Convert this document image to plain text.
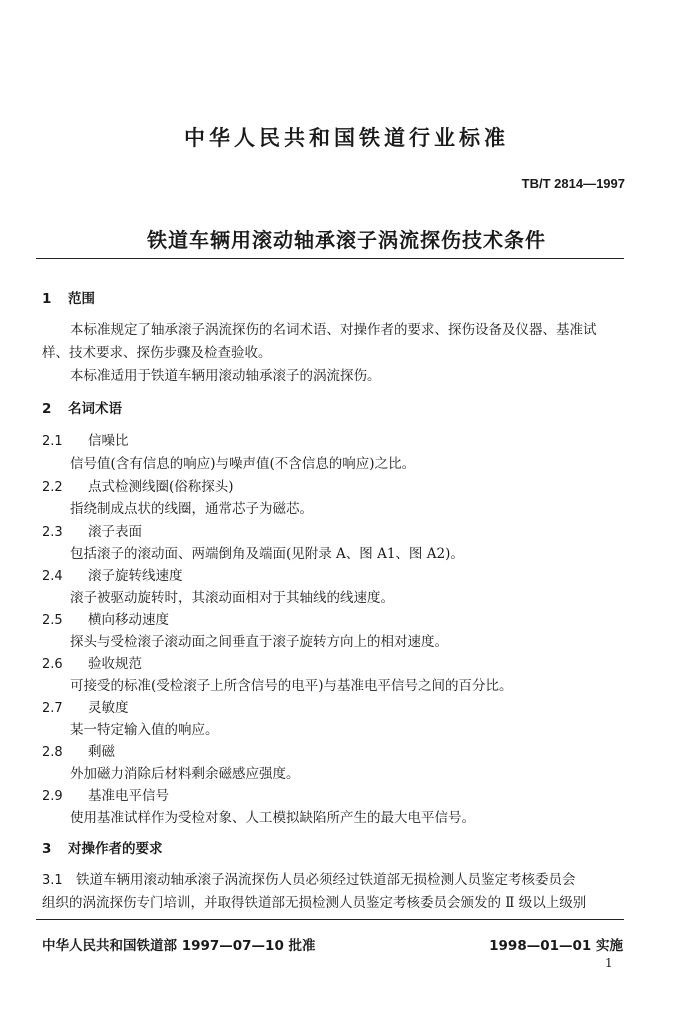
中华人民共和国铁道行业标准
TB/T 2814—1997
铁道车辆用滚动轴承滚子涡流探伤技术条件
1 范围
本标准规定了轴承滚子涡流探伤的名词术语、对操作者的要求、探伤设备及仪器、基准试
样、技术要求、探伤步骤及检查验收。
本标准适用于铁道车辆用滚动轴承滚子的涡流探伤。
2 名词术语
2.1 信噪比
信号值(含有信息的响应)与噪声值(不含信息的响应)之比。
2.2 点式检测线圈(俗称探头)
指绕制成点状的线圈，通常芯子为磁芯。
2.3 滚子表面
包括滚子的滚动面、两端倒角及端面(见附录 A、图 A1、图 A2)。
2.4 滚子旋转线速度
滚子被驱动旋转时，其滚动面相对于其轴线的线速度。
2.5 横向移动速度
探头与受检滚子滚动面之间垂直于滚子旋转方向上的相对速度。
2.6 验收规范
可接受的标准(受检滚子上所含信号的电平)与基准电平信号之间的百分比。
2.7 灵敏度
某一特定输入值的响应。
2.8 剩磁
外加磁力消除后材料剩余磁感应强度。
2.9 基准电平信号
使用基准试样作为受检对象、人工模拟缺陷所产生的最大电平信号。
3 对操作者的要求
3.1 铁道车辆用滚动轴承滚子涡流探伤人员必须经过铁道部无损检测人员鉴定考核委员会
组织的涡流探伤专门培训，并取得铁道部无损检测人员鉴定考核委员会颁发的 Ⅱ 级以上级别
中华人民共和国铁道部 1997—07—10 批准	1998—01—01 实施
1
